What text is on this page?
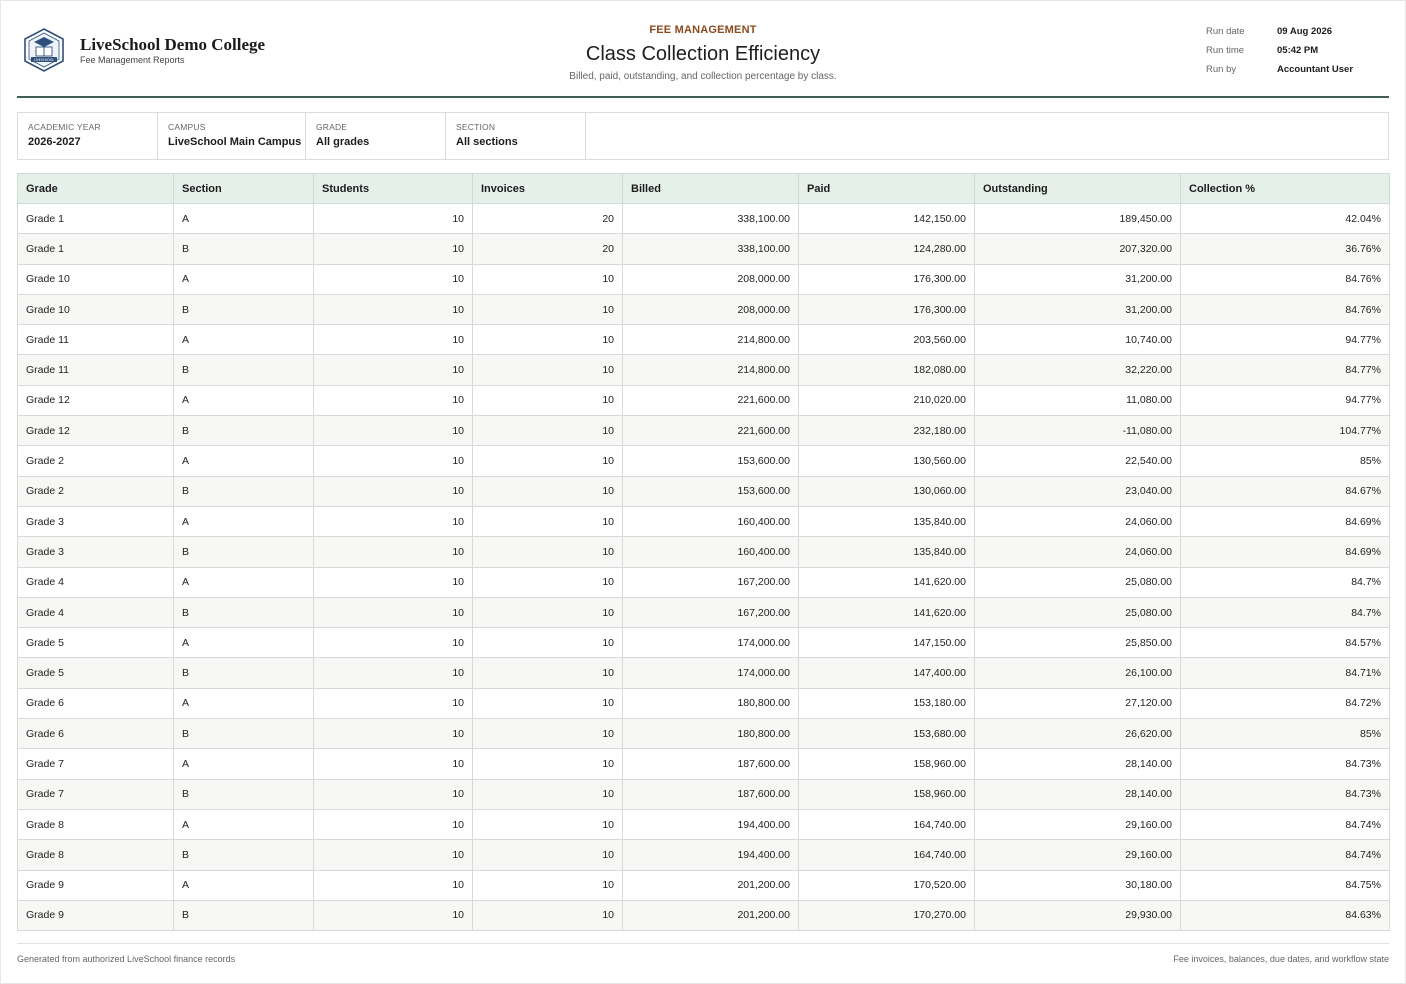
LIVESCHOOL
LiveSchool Demo College
Fee Management Reports
FEE MANAGEMENT
Class Collection Efficiency
Billed, paid, outstanding, and collection percentage by class.
Run date	09 Aug 2026
Run time	05:42 PM
Run by	Accountant User
ACADEMIC YEAR
2026-2027
CAMPUS
LiveSchool Main Campus
GRADE
All grades
SECTION
All sections
Grade	Section	Students	Invoices	Billed	Paid	Outstanding	Collection %
Grade 1	A	10	20	338,100.00	142,150.00	189,450.00	42.04%
Grade 1	B	10	20	338,100.00	124,280.00	207,320.00	36.76%
Grade 10	A	10	10	208,000.00	176,300.00	31,200.00	84.76%
Grade 10	B	10	10	208,000.00	176,300.00	31,200.00	84.76%
Grade 11	A	10	10	214,800.00	203,560.00	10,740.00	94.77%
Grade 11	B	10	10	214,800.00	182,080.00	32,220.00	84.77%
Grade 12	A	10	10	221,600.00	210,020.00	11,080.00	94.77%
Grade 12	B	10	10	221,600.00	232,180.00	-11,080.00	104.77%
Grade 2	A	10	10	153,600.00	130,560.00	22,540.00	85%
Grade 2	B	10	10	153,600.00	130,060.00	23,040.00	84.67%
Grade 3	A	10	10	160,400.00	135,840.00	24,060.00	84.69%
Grade 3	B	10	10	160,400.00	135,840.00	24,060.00	84.69%
Grade 4	A	10	10	167,200.00	141,620.00	25,080.00	84.7%
Grade 4	B	10	10	167,200.00	141,620.00	25,080.00	84.7%
Grade 5	A	10	10	174,000.00	147,150.00	25,850.00	84.57%
Grade 5	B	10	10	174,000.00	147,400.00	26,100.00	84.71%
Grade 6	A	10	10	180,800.00	153,180.00	27,120.00	84.72%
Grade 6	B	10	10	180,800.00	153,680.00	26,620.00	85%
Grade 7	A	10	10	187,600.00	158,960.00	28,140.00	84.73%
Grade 7	B	10	10	187,600.00	158,960.00	28,140.00	84.73%
Grade 8	A	10	10	194,400.00	164,740.00	29,160.00	84.74%
Grade 8	B	10	10	194,400.00	164,740.00	29,160.00	84.74%
Grade 9	A	10	10	201,200.00	170,520.00	30,180.00	84.75%
Grade 9	B	10	10	201,200.00	170,270.00	29,930.00	84.63%
Generated from authorized LiveSchool finance records	Fee invoices, balances, due dates, and workflow state
